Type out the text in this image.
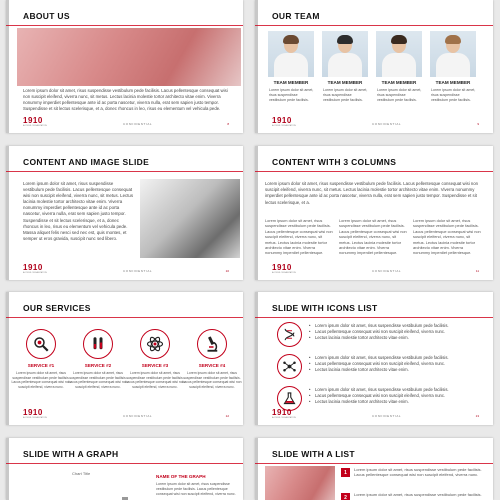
ABOUT US
Lorem ipsum dolor sit amet, risus suspendisse vestibulum pede facilisis. Lacus pellentesque consequat wisi non suscipit eleifend, viverra nunc, sit metus. Lectus lacinia molestie tortor architecto vitae enim. Viverra nonummy imperdiet pellentesque ante id ac porta nascetur, viverra nulla, erat sem sapien justo tempor. Suspendisse et sit lectus scelerisque, et a, donec rhoncus in leo, risus eu elementum vel vehicula pede.
1910
ACCESS ORGANIZATION	CONFIDENTIAL	8
OUR TEAM
TEAM MEMBER	TEAM MEMBER	TEAM MEMBER	TEAM MEMBER
Lorem ipsum dolor sit amet, risus suspendisse vestibulum pede facilisis.
Lorem ipsum dolor sit amet, risus suspendisse vestibulum pede facilisis.
Lorem ipsum dolor sit amet, risus suspendisse vestibulum pede facilisis.
Lorem ipsum dolor sit amet, risus suspendisse vestibulum pede facilisis.
1910
ACCESS ORGANIZATION	CONFIDENTIAL	9
CONTENT AND IMAGE SLIDE
Lorem ipsum dolor sit amet, risus suspendisse vestibulum pede facilisis. Lacus pellentesque consequat wisi non suscipit eleifend, viverra nunc, sit metus. Lectus lacinia molestie tortor architecto vitae enim. Viverra nonummy imperdiet pellentesque ante id ac porta nascetur, viverra nulla, erat sem sapien justo tempor. Suspendisse et sit lectus scelerisque, et a, donec rhoncus in leo, risus eu elementum vel vehicula pede. Massa aliquet felis nesci sed nec est, quis montes, et semper ut eros gravida, suscipit nunc sed libero.
1910
ACCESS ORGANIZATION	CONFIDENTIAL	10
CONTENT WITH 3 COLUMNS
Lorem ipsum dolor sit amet, risus suspendisse vestibulum pede facilisis. Lacus pellentesque consequat wisi non suscipit eleifend, viverra nunc, sit metus. Lectus lacinia molestie tortor architecto vitae enim. Viverra nonummy imperdiet pellentesque ante id ac porta nascetur, viverra nulla, erat sem sapien justo tempor. Suspendisse et sit lectus scelerisque, et a.
Lorem ipsum dolor sit amet, risus suspendisse vestibulum pede facilisis. Lacus pellentesque consequat wisi non suscipit eleifend, viverra nunc, sit metus. Lectus lacinia molestie tortor architecto vitae enim. Viverra nonummy imperdiet pellentesque.
Lorem ipsum dolor sit amet, risus suspendisse vestibulum pede facilisis. Lacus pellentesque consequat wisi non suscipit eleifend, viverra nunc, sit metus. Lectus lacinia molestie tortor architecto vitae enim. Viverra nonummy imperdiet pellentesque.
Lorem ipsum dolor sit amet, risus suspendisse vestibulum pede facilisis. Lacus pellentesque consequat wisi non suscipit eleifend, viverra nunc, sit metus. Lectus lacinia molestie tortor architecto vitae enim. Viverra nonummy imperdiet pellentesque.
1910
ACCESS ORGANIZATION	CONFIDENTIAL	11
OUR SERVICES
SERVICE #1
Lorem ipsum dolor sit amet, risus suspendisse vestibulum pede facilisis. Lacus pellentesque consequat wisi non suscipit eleifend, viverra nunc.
SERVICE #2
Lorem ipsum dolor sit amet, risus suspendisse vestibulum pede facilisis. Lacus pellentesque consequat wisi non suscipit eleifend, viverra nunc.
SERVICE #3
Lorem ipsum dolor sit amet, risus suspendisse vestibulum pede facilisis. Lacus pellentesque consequat wisi non suscipit eleifend, viverra nunc.
SERVICE #4
Lorem ipsum dolor sit amet, risus suspendisse vestibulum pede facilisis. Lacus pellentesque consequat wisi non suscipit eleifend, viverra nunc.
1910
ACCESS ORGANIZATION	CONFIDENTIAL	12
SLIDE WITH ICONS LIST
• Lorem ipsum dolor sit amet, risus suspendisse vestibulum pede facilisis.
• Lacus pellentesque consequat wisi non suscipit eleifend, viverra nunc.
• Lectus lacinia molestie tortor architecto vitae enim.
• Lorem ipsum dolor sit amet, risus suspendisse vestibulum pede facilisis.
• Lacus pellentesque consequat wisi non suscipit eleifend, viverra nunc.
• Lectus lacinia molestie tortor architecto vitae enim.
• Lorem ipsum dolor sit amet, risus suspendisse vestibulum pede facilisis.
• Lacus pellentesque consequat wisi non suscipit eleifend, viverra nunc.
• Lectus lacinia molestie tortor architecto vitae enim.
1910
ACCESS ORGANIZATION	CONFIDENTIAL	13
SLIDE WITH A GRAPH
Chart Title
NAME OF THE GRAPH
Lorem ipsum dolor sit amet, risus suspendisse vestibulum pede facilisis. Lacus pellentesque consequat wisi non suscipit eleifend, viverra nunc.
SLIDE WITH A LIST
1	Lorem ipsum dolor sit amet, risus suspendisse vestibulum pede facilisis. Lacus pellentesque consequat wisi non suscipit eleifend, viverra nunc.
2	Lorem ipsum dolor sit amet, risus suspendisse vestibulum pede facilisis.
